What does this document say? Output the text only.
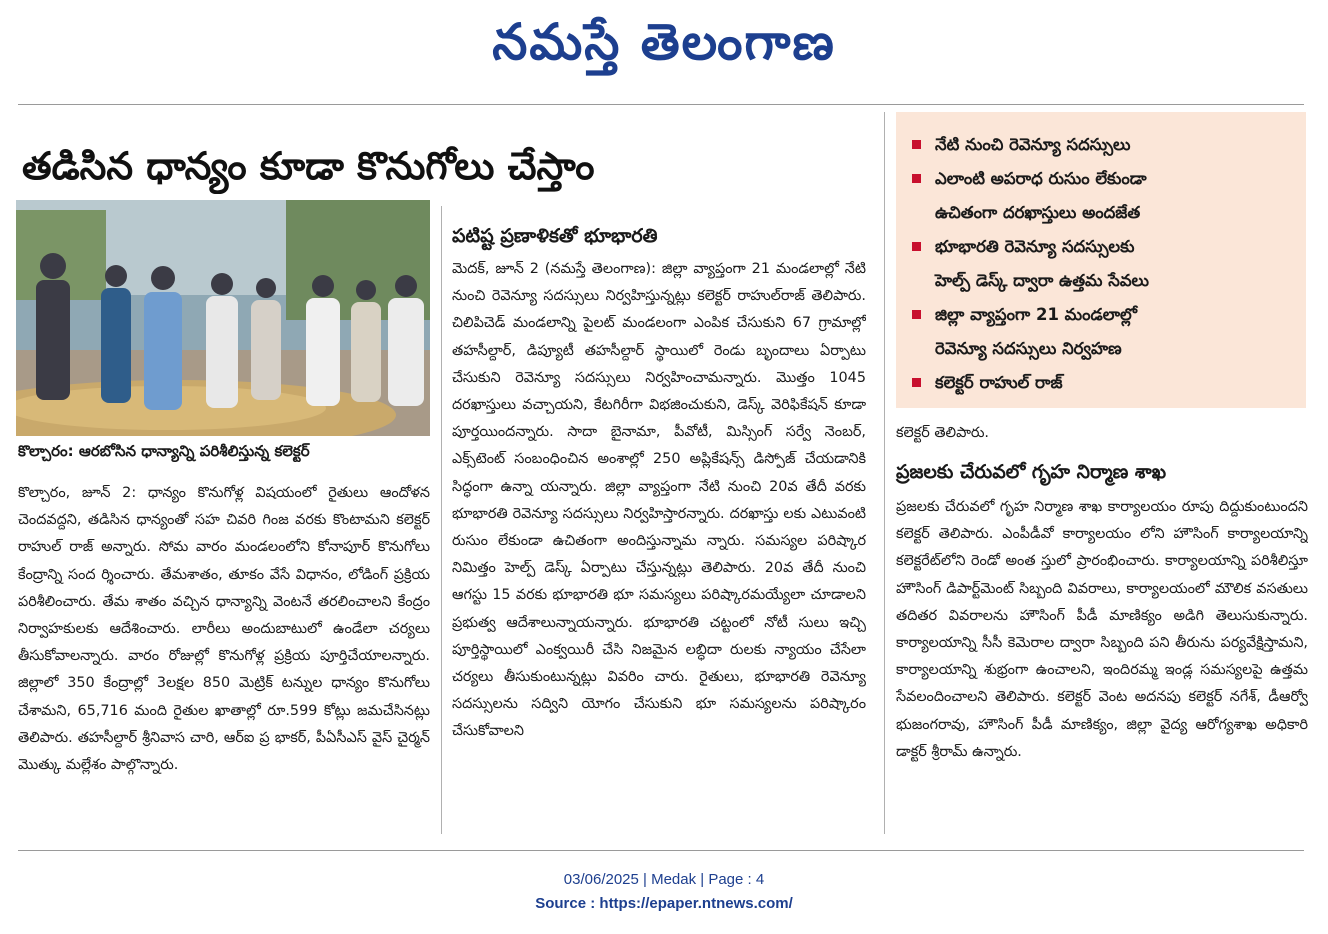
నమస్తే తెలంగాణ
తడిసిన ధాన్యం కూడా కొనుగోలు చేస్తాం
కొల్చారం: ఆరబోసిన ధాన్యాన్ని పరిశీలిస్తున్న కలెక్టర్

కొల్చారం, జూన్ 2: ధాన్యం కొనుగోళ్ల విషయంలో రైతులు ఆందోళన చెందవద్దని, తడిసిన ధాన్యంతో సహ చివరి గింజ వరకు కొంటామని కలెక్టర్ రాహుల్ రాజ్ అన్నారు. సోమ వారం మండలంలోని కోనాపూర్ కొనుగోలు కేంద్రాన్ని సంద ర్శించారు. తేమశాతం, తూకం వేసే విధానం, లోడింగ్ ప్రక్రియ పరిశీలించారు. తేమ శాతం వచ్చిన ధాన్యాన్ని వెంటనే తరలించాలని కేంద్రం నిర్వాహకులకు ఆదేశించారు. లారీలు అందుబాటులో ఉండేలా చర్యలు తీసుకోవాలన్నారు. వారం రోజుల్లో కొనుగోళ్ల ప్రక్రియ పూర్తిచేయాలన్నారు. జిల్లాలో 350 కేంద్రాల్లో 3లక్షల 850 మెట్రిక్ టన్నుల ధాన్యం కొనుగోలు చేశామని, 65,716 మంది రైతుల ఖాతాల్లో రూ.599 కోట్లు జమచేసినట్లు తెలిపారు. తహసీల్దార్ శ్రీనివాస చారి, ఆర్ఐ ప్ర భాకర్, పీఏసీఎస్ వైస్ చైర్మన్ మొత్కు మల్లేశం పాల్గొన్నారు.

పటిష్ట ప్రణాళికతో భూభారతి

మెదక్, జూన్ 2 (నమస్తే తెలంగాణ): జిల్లా వ్యాప్తంగా 21 మండలాల్లో నేటి నుంచి రెవెన్యూ సదస్సులు నిర్వహిస్తున్నట్లు కలెక్టర్ రాహుల్‌రాజ్ తెలిపారు. చిలిపిచెడ్ మండలాన్ని పైలట్ మండలంగా ఎంపిక చేసుకుని 67 గ్రామాల్లో తహసీల్దార్, డిప్యూటీ తహసీల్దార్ స్థాయిలో రెండు బృందాలు ఏర్పాటు చేసుకుని రెవెన్యూ సదస్సులు నిర్వహించామన్నారు. మొత్తం 1045 దరఖాస్తులు వచ్చాయని, కేటగిరీగా విభజించుకుని, డెస్క్ వెరిఫికేషన్ కూడా పూర్తయిందన్నారు. సాదా బైనామా, పీవోటీ, మిస్సింగ్ సర్వే నెంబర్, ఎక్స్‌టెంట్ సంబంధించిన అంశాల్లో 250 అప్లికేషన్స్ డిస్పోజ్ చేయడానికి సిద్ధంగా ఉన్నా యన్నారు. జిల్లా వ్యాప్తంగా నేటి నుంచి 20వ తేదీ వరకు భూభారతి రెవెన్యూ సదస్సులు నిర్వహిస్తారన్నారు. దరఖాస్తు లకు ఎటువంటి రుసుం లేకుండా ఉచితంగా అందిస్తున్నామ న్నారు. సమస్యల పరిష్కార నిమిత్తం హెల్ప్ డెస్క్ ఏర్పాటు చేస్తున్నట్లు తెలిపారు. 20వ తేదీ నుంచి ఆగస్టు 15 వరకు భూభారతి భూ సమస్యలు పరిష్కారమయ్యేలా చూడాలని ప్రభుత్వ ఆదేశాలున్నాయన్నారు. భూభారతి చట్టంలో నోటీ సులు ఇచ్చి పూర్తిస్థాయిలో ఎంక్వయిరీ చేసి నిజమైన లబ్ధిదా రులకు న్యాయం చేసేలా చర్యలు తీసుకుంటున్నట్లు వివరిం చారు. రైతులు, భూభారతి రెవెన్యూ సదస్సులను సద్విని యోగం చేసుకుని భూ సమస్యలను పరిష్కారం చేసుకోవాలని

నేటి నుంచి రెవెన్యూ సదస్సులు
ఎలాంటి అపరాధ రుసుం లేకుండా
ఉచితంగా దరఖాస్తులు అందజేత
భూభారతి రెవెన్యూ సదస్సులకు
హెల్ప్ డెస్క్ ద్వారా ఉత్తమ సేవలు
జిల్లా వ్యాప్తంగా 21 మండలాల్లో
రెవెన్యూ సదస్సులు నిర్వహణ
కలెక్టర్ రాహుల్ రాజ్
కలెక్టర్ తెలిపారు.
ప్రజలకు చేరువలో గృహ నిర్మాణ శాఖ

ప్రజలకు చేరువలో గృహ నిర్మాణ శాఖ కార్యాలయం రూపు దిద్దుకుంటుందని కలెక్టర్ తెలిపారు. ఎంపీడీవో కార్యాలయం లోని హౌసింగ్ కార్యాలయాన్ని కలెక్టరేట్‌లోని రెండో అంత స్తులో ప్రారంభించారు. కార్యాలయాన్ని పరిశీలిస్తూ హౌసింగ్ డిపార్ట్‌మెంట్ సిబ్బంది వివరాలు, కార్యాలయంలో మౌలిక వసతులు తదితర వివరాలను హౌసింగ్ పీడీ మాణిక్యం అడిగి తెలుసుకున్నారు. కార్యాలయాన్ని సీసీ కెమెరాల ద్వారా సిబ్బంది పని తీరును పర్యవేక్షిస్తామని, కార్యాలయాన్ని శుభ్రంగా ఉంచాలని, ఇందిరమ్మ ఇండ్ల సమస్యలపై ఉత్తమ సేవలందించాలని తెలిపారు. కలెక్టర్ వెంట అదనపు కలెక్టర్ నగేశ్, డీఆర్వో భుజంగరావు, హౌసింగ్ పీడీ మాణిక్యం, జిల్లా వైద్య ఆరోగ్యశాఖ అధికారి డాక్టర్ శ్రీరామ్ ఉన్నారు.

03/06/2025 | Medak | Page : 4
Source : https://epaper.ntnews.com/
